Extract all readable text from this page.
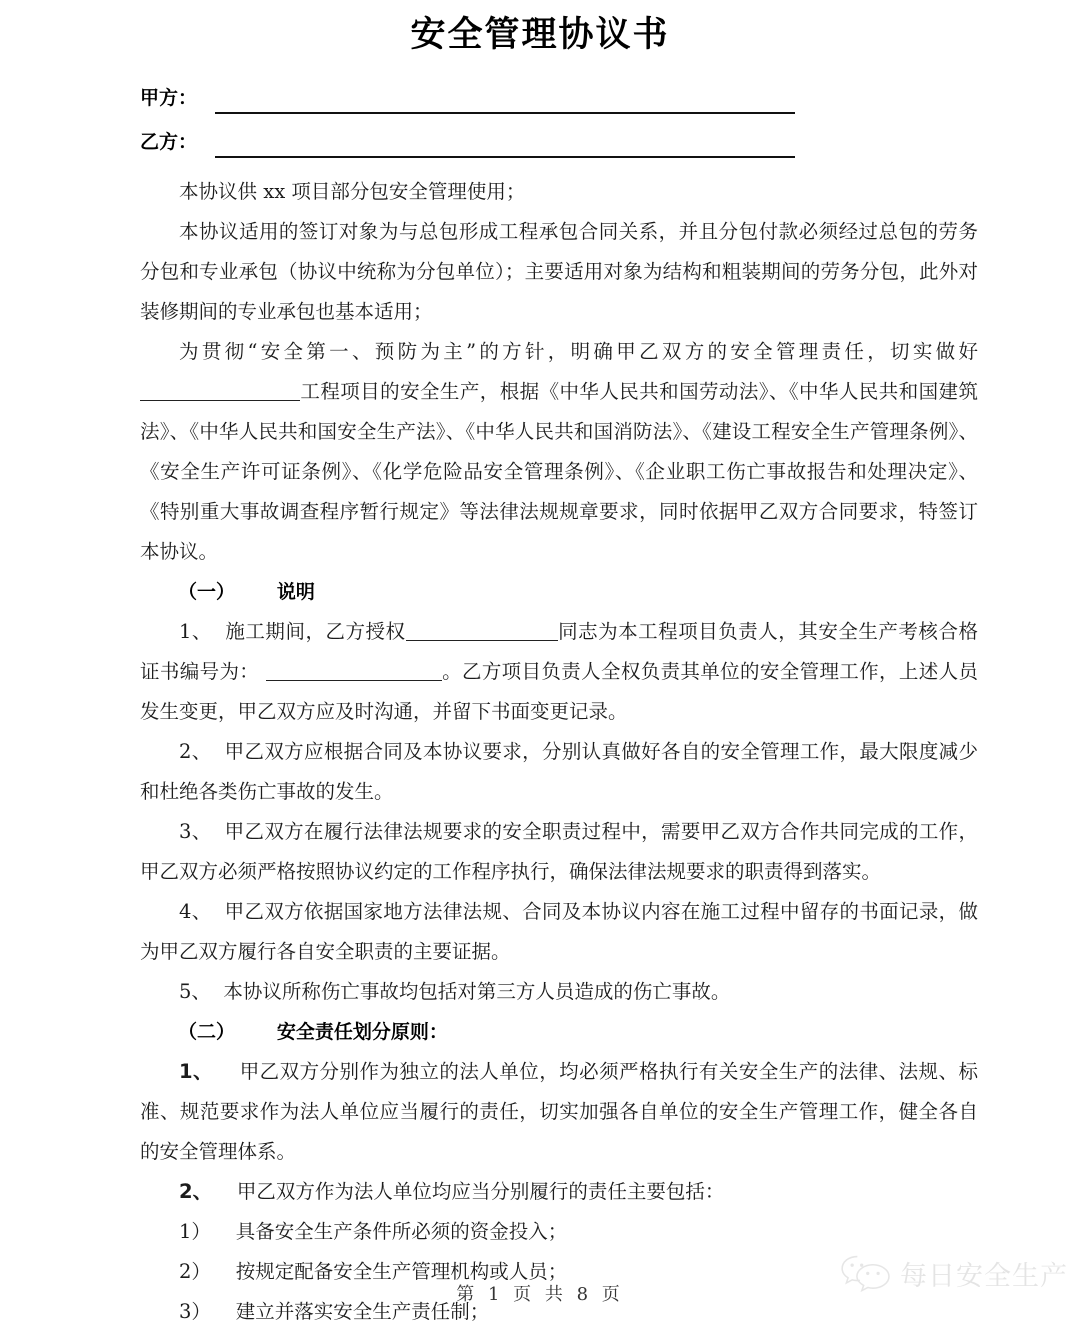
安全管理协议书
甲方：
乙方：

本协议供 xx 项目部分包安全管理使用；

本协议适用的签订对象为与总包形成工程承包合同关系，并且分包付款必须经过总包的劳务分包和专业承包（协议中统称为分包单位）；主要适用对象为结构和粗装期间的劳务分包，此外对装修期间的专业承包也基本适用；

为贯彻“安全第一、预防为主”的方针，明确甲乙双方的安全管理责任，切实做好工程项目的安全生产，根据《中华人民共和国劳动法》、《中华人民共和国建筑法》、《中华人民共和国安全生产法》、《中华人民共和国消防法》、《建设工程安全生产管理条例》、《安全生产许可证条例》、《化学危险品安全管理条例》、《企业职工伤亡事故报告和处理决定》、《特别重大事故调查程序暂行规定》等法律法规规章要求，同时依据甲乙双方合同要求，特签订本协议。

（一） 说明

1、 施工期间，乙方授权	同志为本工程项目负责人，其安全生产考核合格证书编号为：	。乙方项目负责人全权负责其单位的安全管理工作，上述人员发生变更，甲乙双方应及时沟通，并留下书面变更记录。

2、 甲乙双方应根据合同及本协议要求，分别认真做好各自的安全管理工作，最大限度减少和杜绝各类伤亡事故的发生。

3、 甲乙双方在履行法律法规要求的安全职责过程中，需要甲乙双方合作共同完成的工作，甲乙双方必须严格按照协议约定的工作程序执行，确保法律法规要求的职责得到落实。

4、 甲乙双方依据国家地方法律法规、合同及本协议内容在施工过程中留存的书面记录，做为甲乙双方履行各自安全职责的主要证据。

5、 本协议所称伤亡事故均包括对第三方人员造成的伤亡事故。

（二） 安全责任划分原则：

1、 甲乙双方分别作为独立的法人单位，均必须严格执行有关安全生产的法律、法规、标准、规范要求作为法人单位应当履行的责任，切实加强各自单位的安全生产管理工作，健全各自的安全管理体系。

2、 甲乙双方作为法人单位均应当分别履行的责任主要包括：

1） 具备安全生产条件所必须的资金投入；

2） 按规定配备安全生产管理机构或人员；

3） 建立并落实安全生产责任制；

每日安全生产
第 1 页 共 8 页
